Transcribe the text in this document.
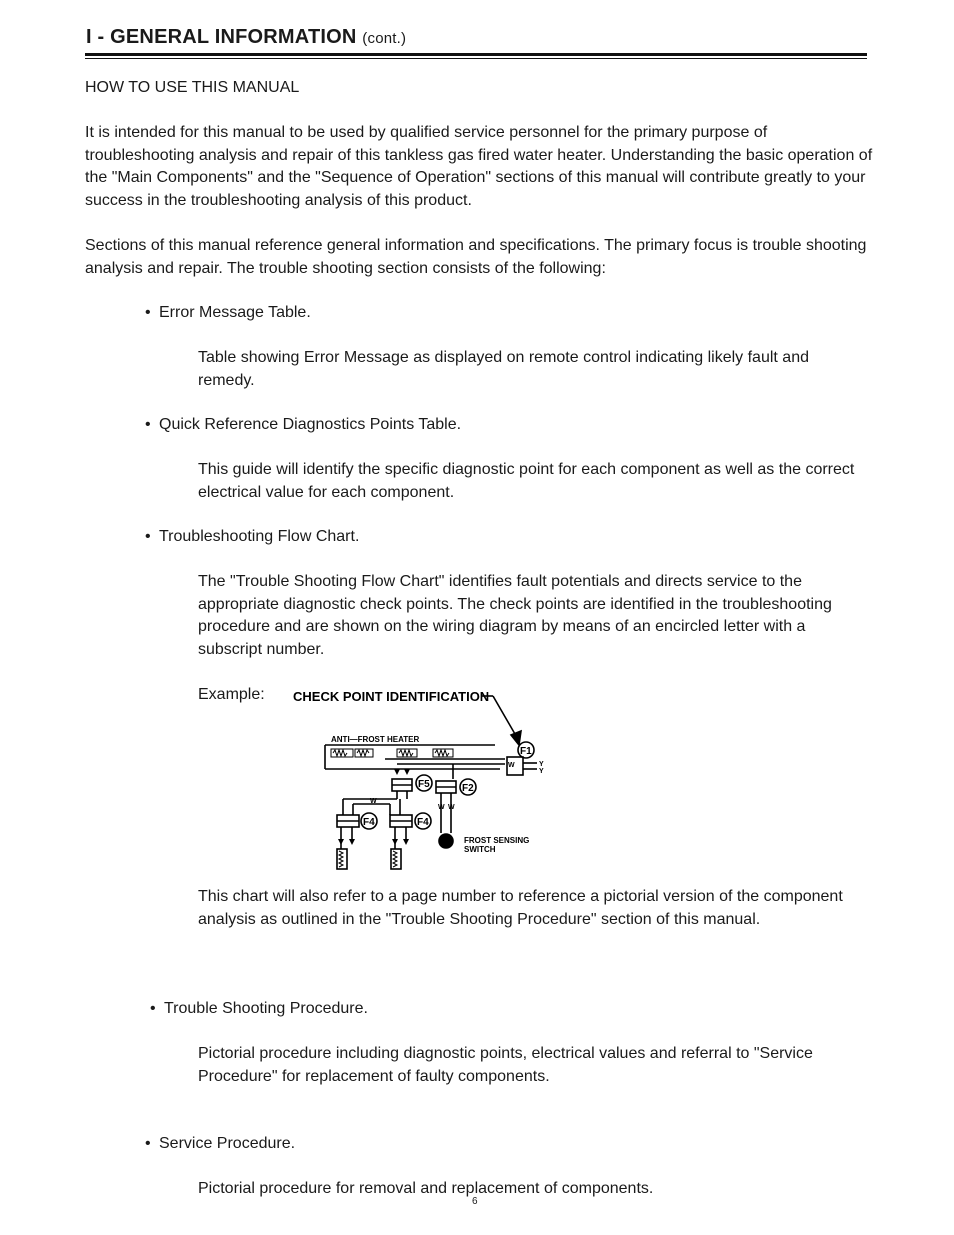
I - GENERAL INFORMATION (cont.)
HOW TO USE THIS MANUAL
It is intended for this manual to be used by qualified service personnel for the primary purpose of troubleshooting analysis and repair of this tankless gas fired water heater. Understanding the basic operation of the "Main Components" and the "Sequence of Operation" sections of this manual will contribute greatly to your success in the troubleshooting analysis of this product.
Sections of this manual reference general information and specifications. The primary focus is trouble shooting analysis and repair. The trouble shooting section consists of the following:
• Error Message Table.
Table showing Error Message as displayed on remote control indicating likely fault and remedy.
• Quick Reference Diagnostics Points Table.
This guide will identify the specific diagnostic point for each component as well as the correct electrical value for each component.
• Troubleshooting Flow Chart.
The "Trouble Shooting Flow Chart" identifies fault potentials and directs service to the appropriate diagnostic check points. The check points are identified in the troubleshooting procedure and are shown on the wiring diagram by means of an encircled letter with a subscript number.
Example: CHECK POINT IDENTIFICATION
ANTI—FROST HEATER
FROST SENSING
SWITCH
F1
F5	F2
F4	F4
W
W W
W	Y
Y
This chart will also refer to a page number to reference a pictorial version of the component analysis as outlined in the "Trouble Shooting Procedure" section of this manual.
• Trouble Shooting Procedure.
Pictorial procedure including diagnostic points, electrical values and referral to "Service Procedure" for replacement of faulty components.
• Service Procedure.
Pictorial procedure for removal and replacement of components.
6
